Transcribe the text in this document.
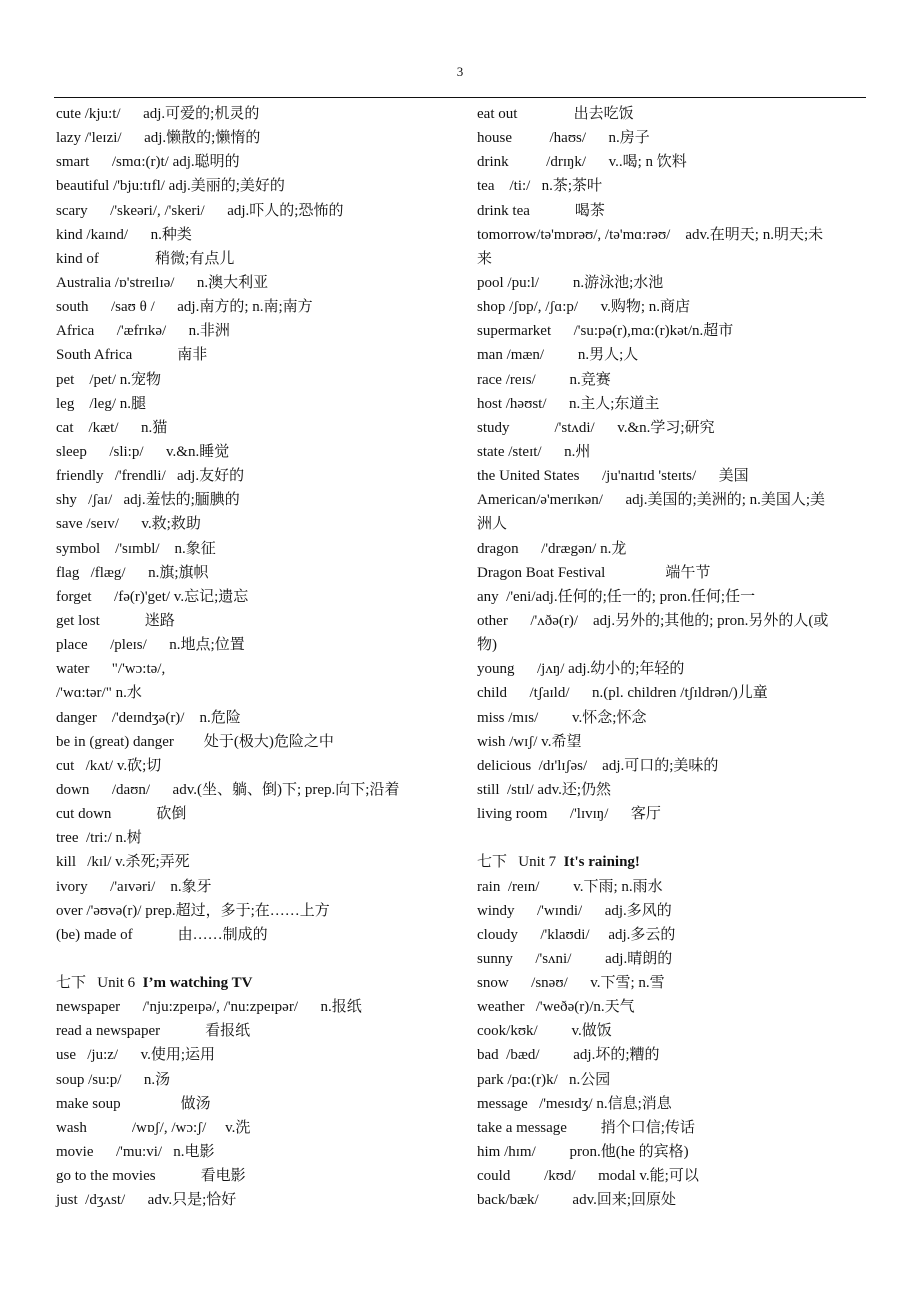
3
cute /kju:t/      adj.可爱的;机灵的
lazy /'leɪzi/      adj.懒散的;懒惰的
smart      /smɑ:(r)t/ adj.聪明的
beautiful /'bju:tɪfl/ adj.美丽的;美好的
scary      /'skeəri/, /'skeri/      adj.吓人的;恐怖的
kind /kaɪnd/      n.种类
kind of               稍微;有点儿
Australia /ɒ'streɪlɪə/      n.澳大利亚
south      /saʊ θ /      adj.南方的; n.南;南方
Africa      /'æfrɪkə/      n.非洲
South Africa            南非
pet    /pet/ n.宠物
leg    /leg/ n.腿
cat    /kæt/      n.猫
sleep      /sli:p/      v.&n.睡觉
friendly   /'frendli/   adj.友好的
shy   /ʃaɪ/   adj.羞怯的;腼腆的
save /seɪv/      v.救;救助
symbol    /'sɪmbl/    n.象征
flag   /flæg/      n.旗;旗帜
forget      /fə(r)'get/ v.忘记;遗忘
get lost            迷路
place      /pleɪs/      n.地点;位置
water      "/'wɔ:tə/,
/'wɑ:tər/" n.水
danger    /'deɪndʒə(r)/    n.危险
be in (great) danger        处于(极大)危险之中
cut   /kʌt/ v.砍;切
down      /daʊn/      adv.(坐、躺、倒)下; prep.向下;沿着
cut down            砍倒
tree  /tri:/ n.树
kill   /kɪl/ v.杀死;弄死
ivory      /'aɪvəri/    n.象牙
over /'əʊvə(r)/ prep.超过，多于;在……上方
(be) made of            由……制成的
七下   Unit 6  I’m watching TV
newspaper      /'nju:zpeɪpə/, /'nu:zpeɪpər/      n.报纸
read a newspaper            看报纸
use   /ju:z/      v.使用;运用
soup /su:p/      n.汤
make soup                做汤
wash            /wɒʃ/, /wɔ:ʃ/     v.洗
movie      /'mu:vi/   n.电影
go to the movies            看电影
just  /dʒʌst/      adv.只是;恰好
eat out               出去吃饭
house          /haʊs/      n.房子
drink          /drɪŋk/      v..喝; n 饮料
tea    /ti:/   n.茶;茶叶
drink tea            喝茶
tomorrow/tə'mɒrəʊ/, /tə'mɑ:rəʊ/    adv.在明天; n.明天;未
来
pool /pu:l/         n.游泳池;水池
shop /ʃɒp/, /ʃɑ:p/      v.购物; n.商店
supermarket      /'su:pə(r),mɑ:(r)kət/n.超市
man /mæn/         n.男人;人
race /reɪs/         n.竞赛
host /həʊst/      n.主人;东道主
study            /'stʌdi/      v.&n.学习;研究
state /steɪt/      n.州
the United States      /ju'naɪtɪd 'steɪts/      美国
American/ə'merɪkən/      adj.美国的;美洲的; n.美国人;美
洲人
dragon      /'drægən/ n.龙
Dragon Boat Festival                端午节
any  /'eni/adj.任何的;任一的; pron.任何;任一
other      /'ʌðə(r)/    adj.另外的;其他的; pron.另外的人(或
物)
young      /jʌŋ/ adj.幼小的;年轻的
child      /tʃaɪld/      n.(pl. children /tʃɪldrən/)儿童
miss /mɪs/         v.怀念;怀念
wish /wɪʃ/ v.希望
delicious  /dɪ'lɪʃəs/    adj.可口的;美味的
still  /stɪl/ adv.还;仍然
living room      /'lɪvɪŋ/      客厅
七下   Unit 7  It's raining!
rain  /reɪn/         v.下雨; n.雨水
windy      /'wɪndi/      adj.多风的
cloudy      /'klaʊdi/     adj.多云的
sunny      /'sʌni/         adj.晴朗的
snow      /snəʊ/      v.下雪; n.雪
weather   /'weðə(r)/n.天气
cook/kʊk/         v.做饭
bad  /bæd/         adj.坏的;糟的
park /pɑ:(r)k/   n.公园
message   /'mesɪdʒ/ n.信息;消息
take a message         捎个口信;传话
him /hɪm/         pron.他(he 的宾格)
could         /kʊd/      modal v.能;可以
back/bæk/         adv.回来;回原处
